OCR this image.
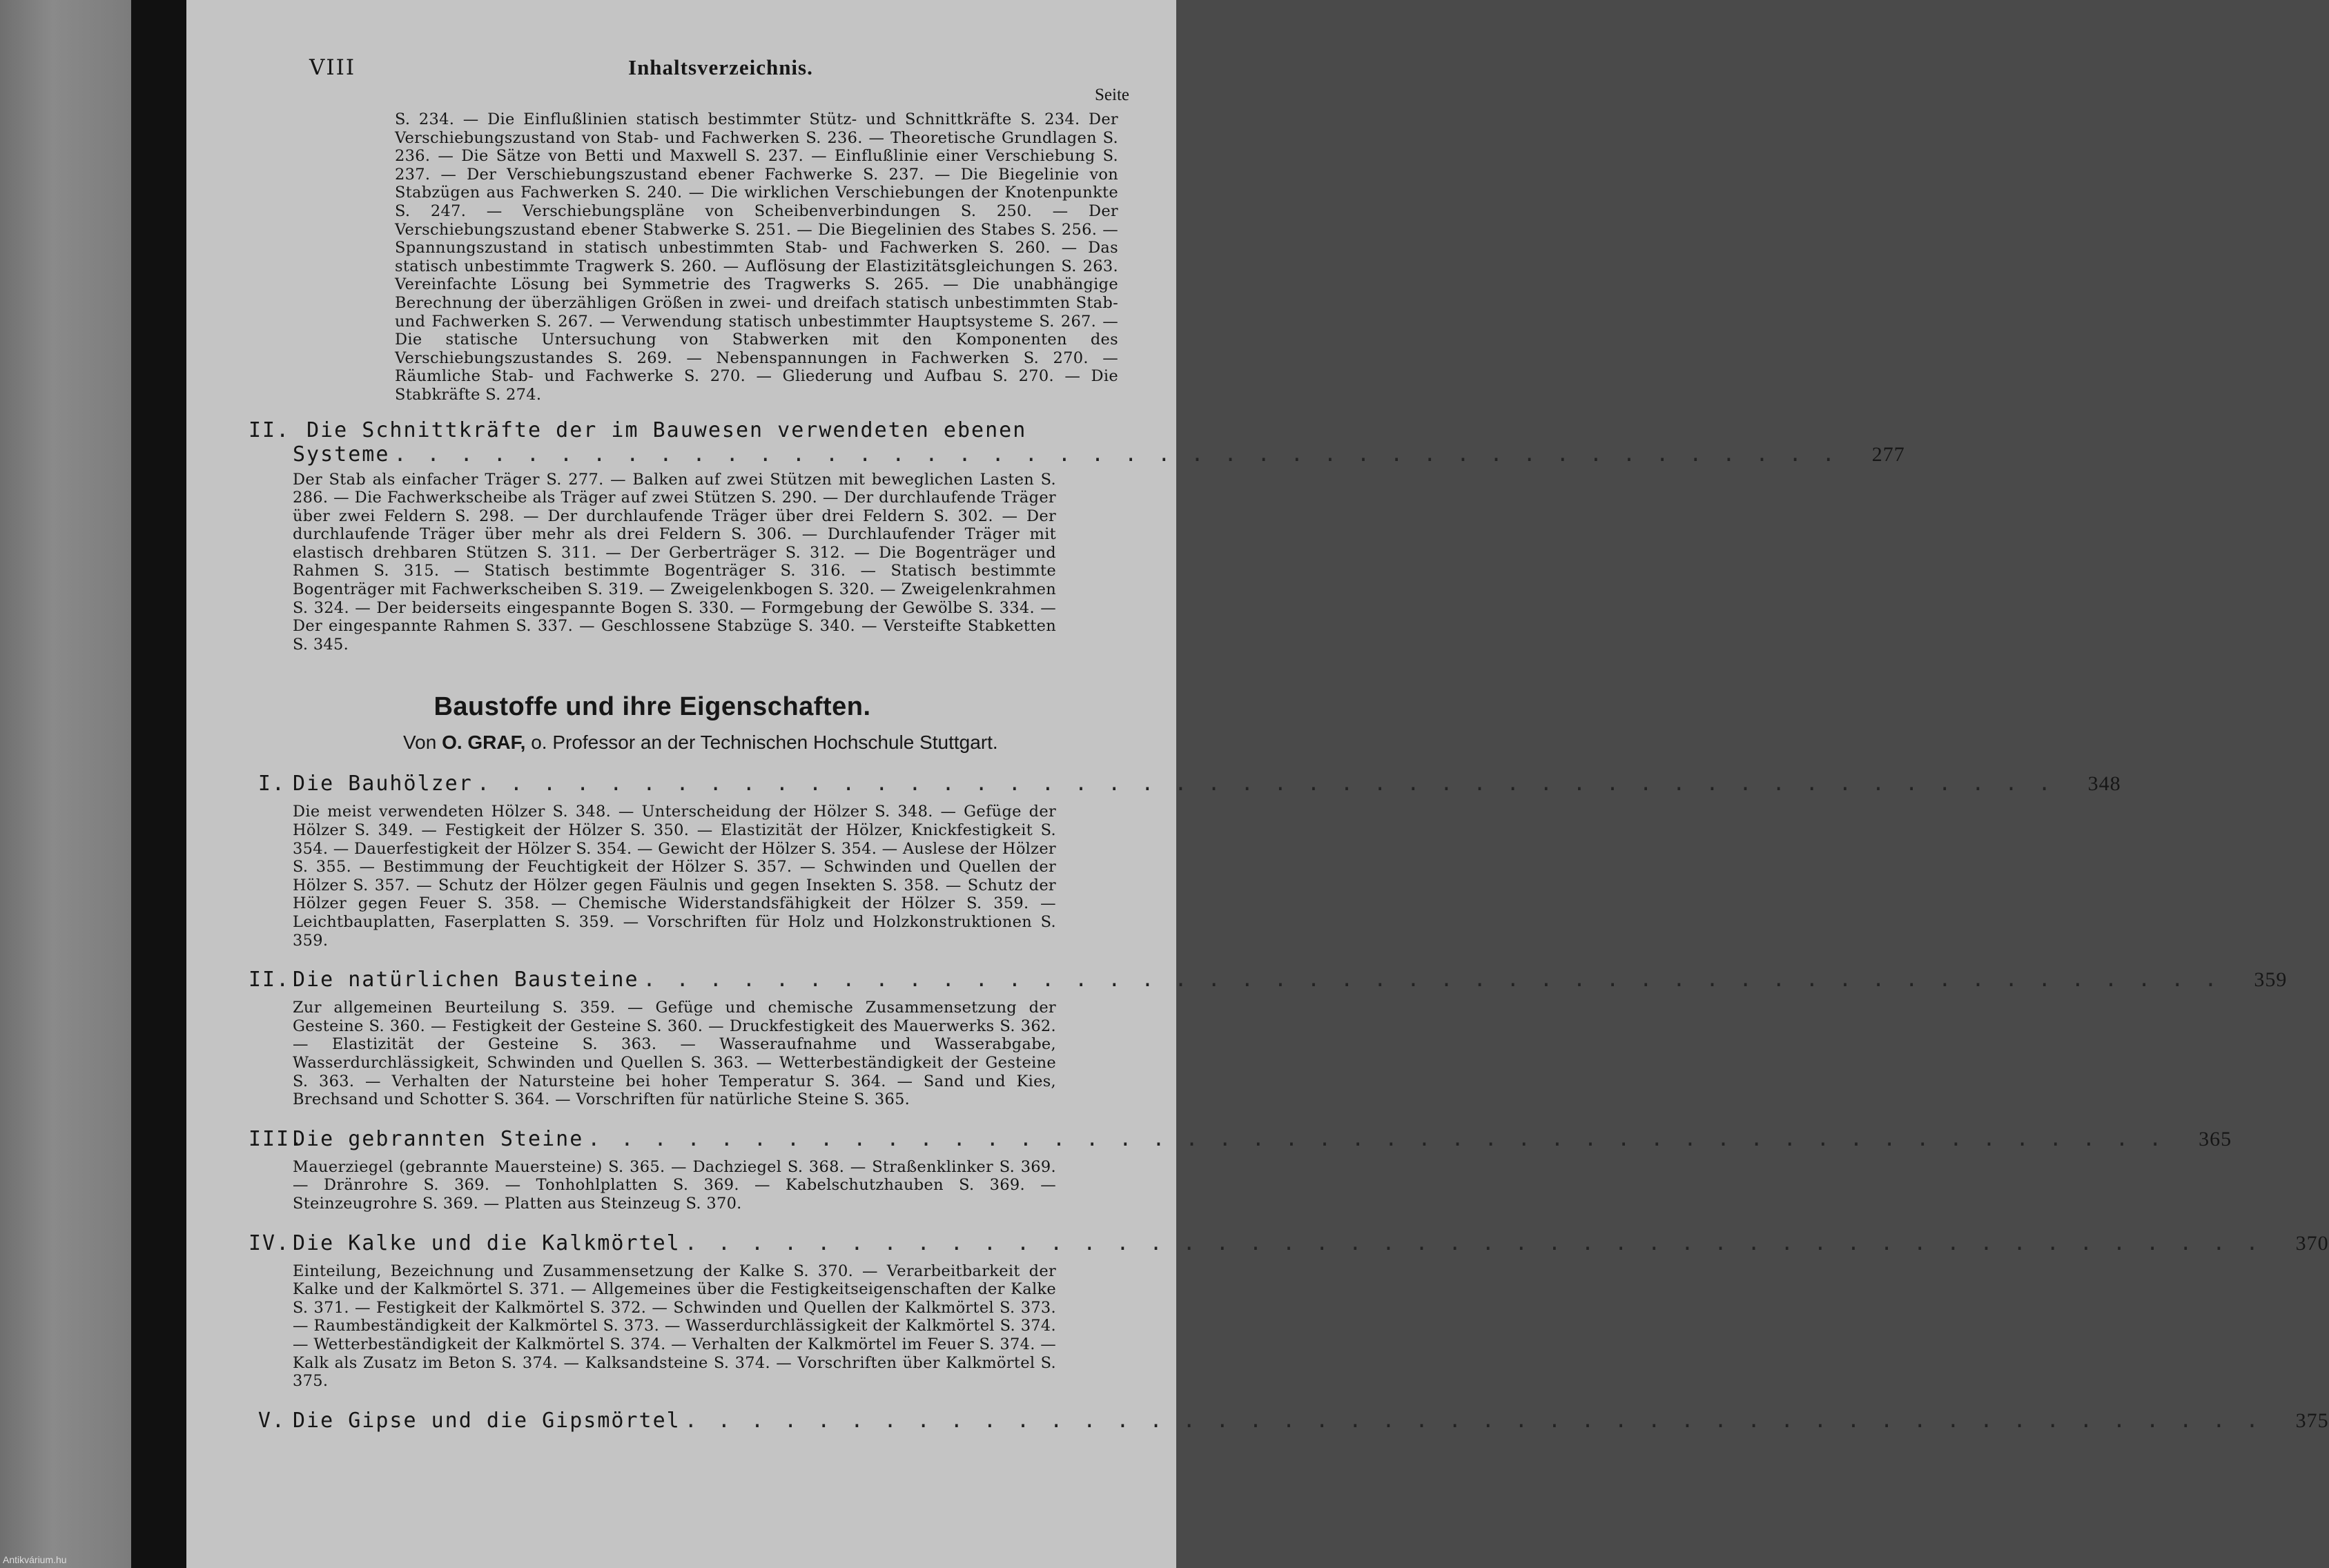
VIII	Inhaltsverzeichnis.
Seite
S. 234. — Die Einflußlinien statisch bestimmter Stütz- und Schnittkräfte S. 234. Der Verschiebungszustand von Stab- und Fachwerken S. 236. — Theoretische Grundlagen S. 236. — Die Sätze von Betti und Maxwell S. 237. — Einflußlinie einer Verschiebung S. 237. — Der Verschiebungszustand ebener Fachwerke S. 237. — Die Biegelinie von Stabzügen aus Fachwerken S. 240. — Die wirklichen Verschiebungen der Knotenpunkte S. 247. — Verschiebungspläne von Scheibenverbindungen S. 250. — Der Verschiebungszustand ebener Stabwerke S. 251. — Die Biegelinien des Stabes S. 256. — Spannungszustand in statisch unbestimmten Stab- und Fachwerken S. 260. — Das statisch unbestimmte Tragwerk S. 260. — Auflösung der Elastizitätsgleichungen S. 263. Vereinfachte Lösung bei Symmetrie des Tragwerks S. 265. — Die unabhängige Berechnung der überzähligen Größen in zwei- und dreifach statisch unbestimmten Stab- und Fachwerken S. 267. — Verwendung statisch unbestimmter Hauptsysteme S. 267. — Die statische Untersuchung von Stabwerken mit den Komponenten des Verschiebungszustandes S. 269. — Nebenspannungen in Fachwerken S. 270. — Räumliche Stab- und Fachwerke S. 270. — Gliederung und Aufbau S. 270. — Die Stabkräfte S. 274.
II. Die Schnittkräfte der im Bauwesen verwendeten ebenen
Systeme . . . . . . . . . . . . . . . . . . . . . . . . . . . . . . . . . . . . . . . . . . . .	277
Der Stab als einfacher Träger S. 277. — Balken auf zwei Stützen mit beweglichen Lasten S. 286. — Die Fachwerkscheibe als Träger auf zwei Stützen S. 290. — Der durchlaufende Träger über zwei Feldern S. 298. — Der durchlaufende Träger über drei Feldern S. 302. — Der durchlaufende Träger über mehr als drei Feldern S. 306. — Durchlaufender Träger mit elastisch drehbaren Stützen S. 311. — Der Gerberträger S. 312. — Die Bogenträger und Rahmen S. 315. — Statisch bestimmte Bogenträger S. 316. — Statisch bestimmte Bogenträger mit Fachwerkscheiben S. 319. — Zweigelenkbogen S. 320. — Zweigelenkrahmen S. 324. — Der beiderseits eingespannte Bogen S. 330. — Formgebung der Gewölbe S. 334. — Der eingespannte Rahmen S. 337. — Geschlossene Stabzüge S. 340. — Versteifte Stabketten S. 345.
Baustoffe und ihre Eigenschaften.
Von O. GRAF, o. Professor an der Technischen Hochschule Stuttgart.
I. Die Bauhölzer . . . . . . . . . . . . . . . . . . . . . . . . . . . . . . . . . . . . . . . . . . . . . . . .	348
Die meist verwendeten Hölzer S. 348. — Unterscheidung der Hölzer S. 348. — Gefüge der Hölzer S. 349. — Festigkeit der Hölzer S. 350. — Elastizität der Hölzer, Knickfestigkeit S. 354. — Dauerfestigkeit der Hölzer S. 354. — Gewicht der Hölzer S. 354. — Auslese der Hölzer S. 355. — Bestimmung der Feuchtigkeit der Hölzer S. 357. — Schwinden und Quellen der Hölzer S. 357. — Schutz der Hölzer gegen Fäulnis und gegen Insekten S. 358. — Schutz der Hölzer gegen Feuer S. 358. — Chemische Widerstandsfähigkeit der Hölzer S. 359. — Leichtbauplatten, Faserplatten S. 359. — Vorschriften für Holz und Holzkonstruktionen S. 359.
II. Die natürlichen Bausteine . . . . . . . . . . . . . . . . . . . . . . . . . . . . . . . . . . . . . . . . . . . . . . . .	359
Zur allgemeinen Beurteilung S. 359. — Gefüge und chemische Zusammensetzung der Gesteine S. 360. — Festigkeit der Gesteine S. 360. — Druckfestigkeit des Mauerwerks S. 362. — Elastizität der Gesteine S. 363. — Wasseraufnahme und Wasserabgabe, Wasserdurchlässigkeit, Schwinden und Quellen S. 363. — Wetterbeständigkeit der Gesteine S. 363. — Verhalten der Natursteine bei hoher Temperatur S. 364. — Sand und Kies, Brechsand und Schotter S. 364. — Vorschriften für natürliche Steine S. 365.
III.
Die gebrannten Steine . . . . . . . . . . . . . . . . . . . . . . . . . . . . . . . . . . . . . . . . . . . . . . . .	365
Mauerziegel (gebrannte Mauersteine) S. 365. — Dachziegel S. 368. — Straßenklinker S. 369. — Dränrohre S. 369. — Tonhohlplatten S. 369. — Kabelschutzhauben S. 369. — Steinzeugrohre S. 369. — Platten aus Steinzeug S. 370.
IV. Die Kalke und die Kalkmörtel . . . . . . . . . . . . . . . . . . . . . . . . . . . . . . . . . . . . . . . . . . . . . . . .	370
Einteilung, Bezeichnung und Zusammensetzung der Kalke S. 370. — Verarbeitbarkeit der Kalke und der Kalkmörtel S. 371. — Allgemeines über die Festigkeitseigenschaften der Kalke S. 371. — Festigkeit der Kalkmörtel S. 372. — Schwinden und Quellen der Kalkmörtel S. 373. — Raumbeständigkeit der Kalkmörtel S. 373. — Wasserdurchlässigkeit der Kalkmörtel S. 374. — Wetterbeständigkeit der Kalkmörtel S. 374. — Verhalten der Kalkmörtel im Feuer S. 374. — Kalk als Zusatz im Beton S. 374. — Kalksandsteine S. 374. — Vorschriften über Kalkmörtel S. 375.
V. Die Gipse und die Gipsmörtel . . . . . . . . . . . . . . . . . . . . . . . . . . . . . . . . . . . . . . . . . . . . . . . .	375
Antikvárium.hu
